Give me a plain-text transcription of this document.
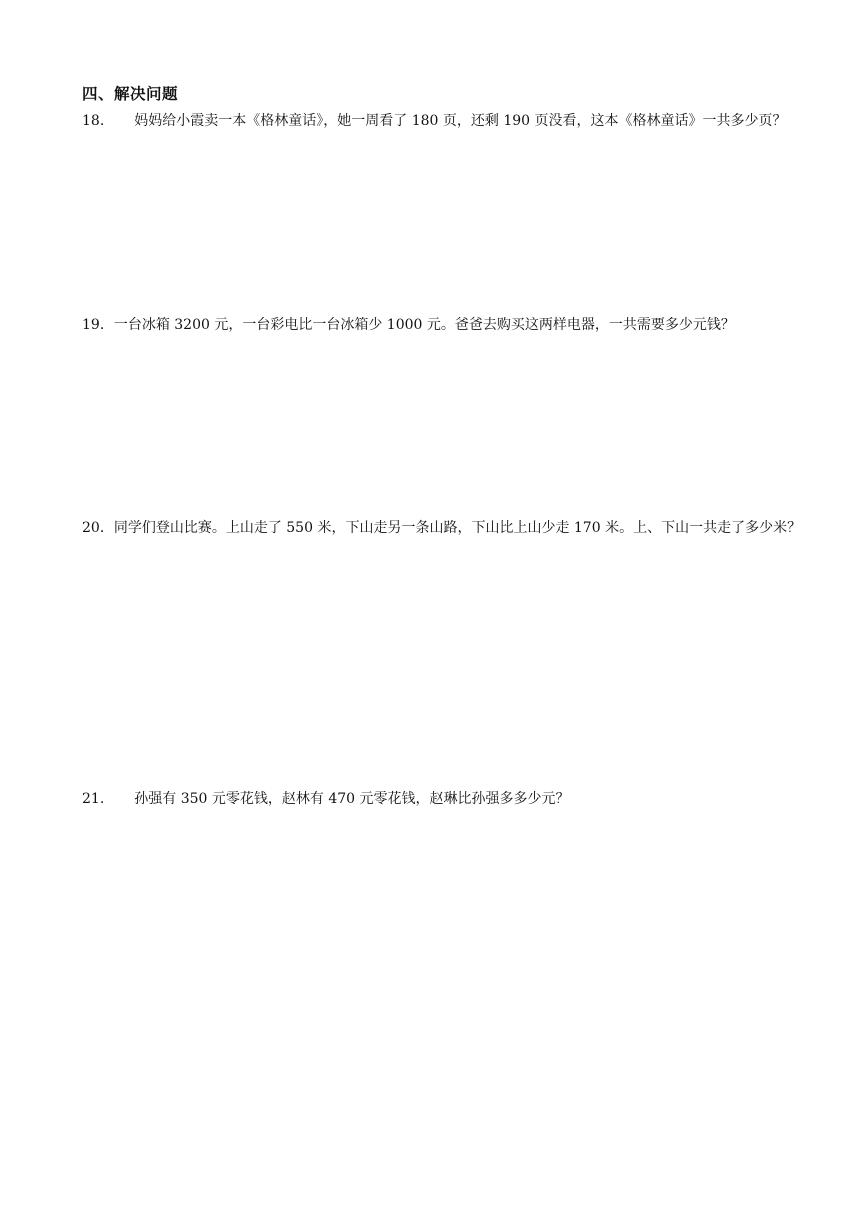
四、解决问题
18. 妈妈给小霞卖一本《格林童话》，她一周看了 180 页，还剩 190 页没看，这本《格林童话》一共多少页？
19．一台冰箱 3200 元，一台彩电比一台冰箱少 1000 元。爸爸去购买这两样电器，一共需要多少元钱？
20．同学们登山比赛。上山走了 550 米，下山走另一条山路，下山比上山少走 170 米。上、下山一共走了多少米？
21. 孙强有 350 元零花钱，赵林有 470 元零花钱，赵琳比孙强多多少元？
